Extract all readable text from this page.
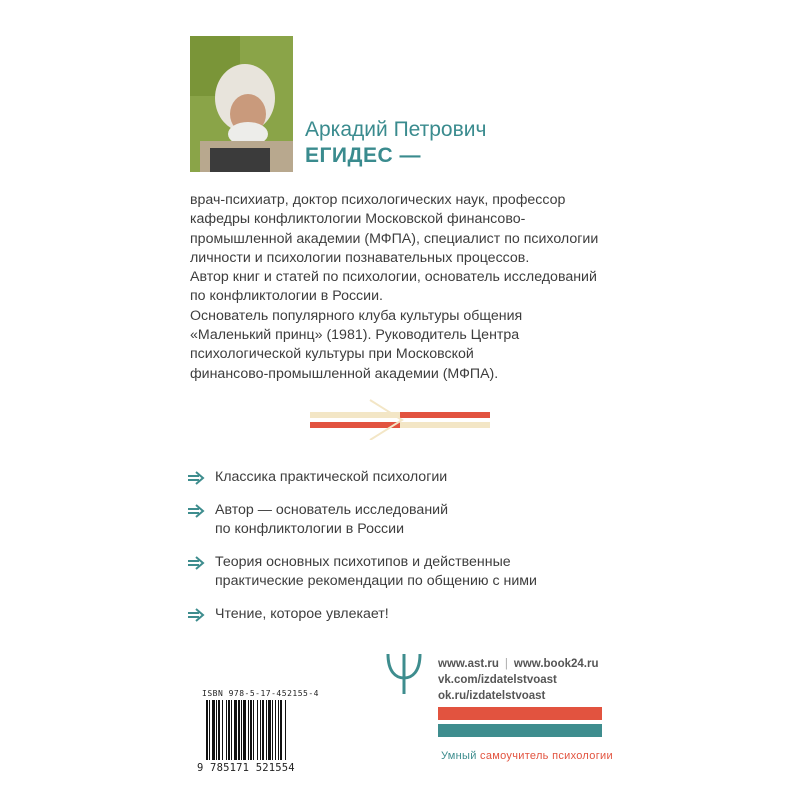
Аркадий Петрович
ЕГИДЕС —

врач-психиатр, доктор психологических наук, профессор

кафедры конфликтологии Московской финансово-

промышленной академии (МФПА), специалист по психологии

личности и психологии познавательных процессов.

Автор книг и статей по психологии, основатель исследований

по конфликтологии в России.

Основатель популярного клуба культуры общения

«Маленький принц» (1981). Руководитель Центра

психологической культуры при Московской

финансово-промышленной академии (МФПА).

Классика практической психологии
Автор — основатель исследований
по конфликтологии в России
Теория основных психотипов и действенные
практические рекомендации по общению с ними
Чтение, которое увлекает!
www.ast.ru | www.book24.ru
vk.com/izdatelstvoast
ok.ru/izdatelstvoast
Умный самоучитель психологии
ISBN 978-5-17-452155-4
9 785171 521554
